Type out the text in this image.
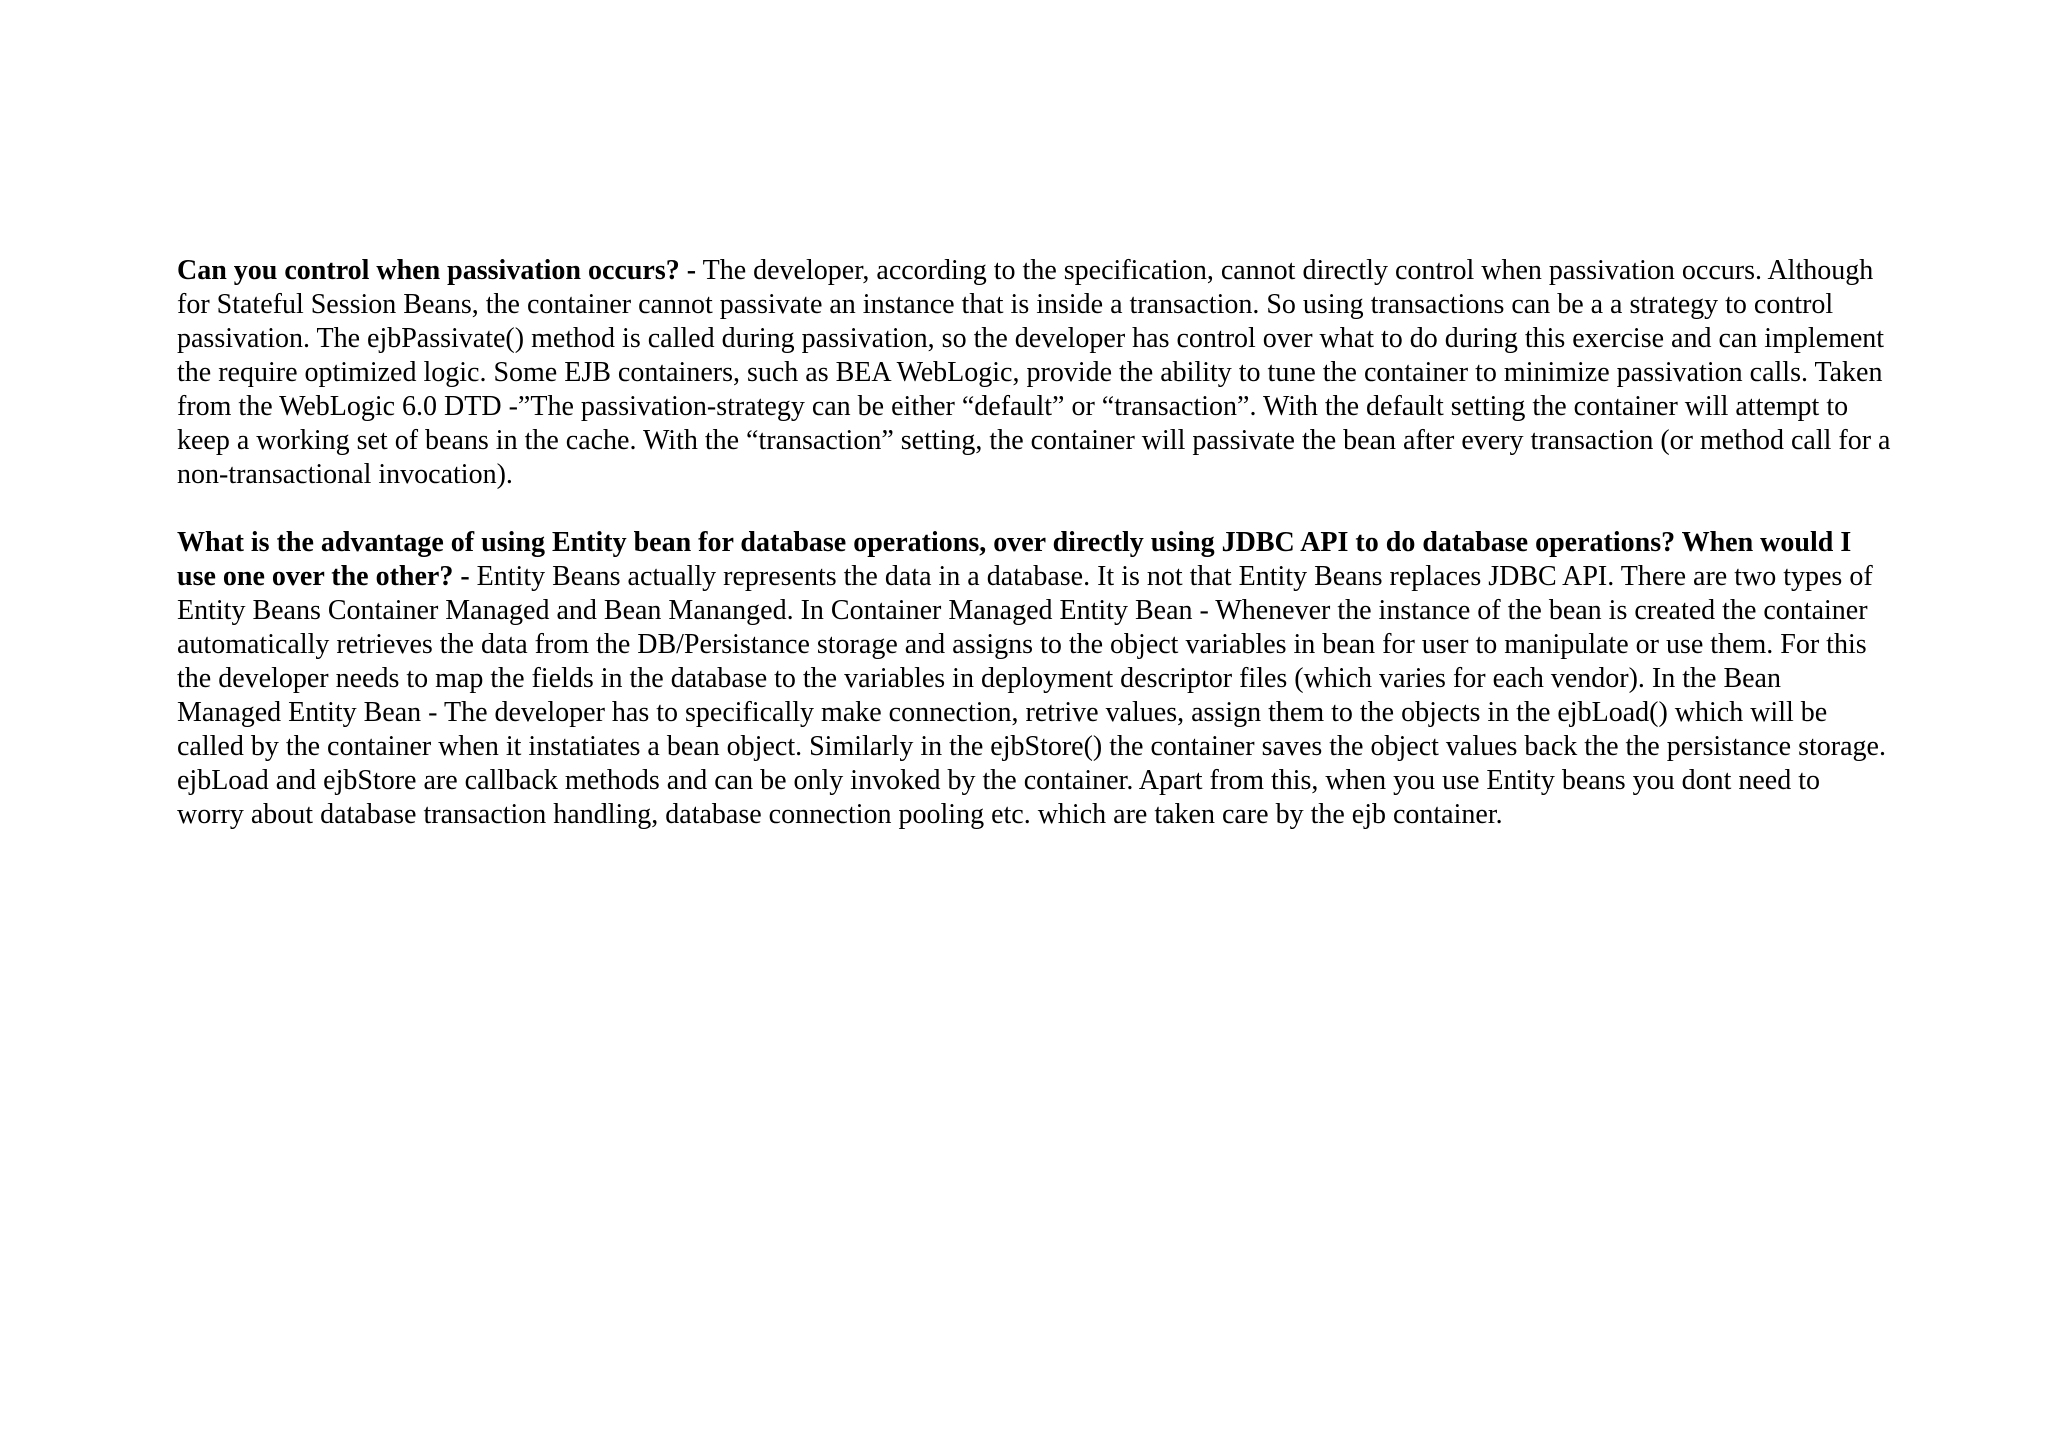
Can you control when passivation occurs? - The developer, according to the specification, cannot directly control when passivation occurs. Although for Stateful Session Beans, the container cannot passivate an instance that is inside a transaction. So using transactions can be a a strategy to control passivation. The ejbPassivate() method is called during passivation, so the developer has control over what to do during this exercise and can implement the require optimized logic. Some EJB containers, such as BEA WebLogic, provide the ability to tune the container to minimize passivation calls. Taken from the WebLogic 6.0 DTD -”The passivation-strategy can be either “default” or “transaction”. With the default setting the container will attempt to keep a working set of beans in the cache. With the “transaction” setting, the container will passivate the bean after every transaction (or method call for a non-transactional invocation).

What is the advantage of using Entity bean for database operations, over directly using JDBC API to do database operations? When would I use one over the other? - Entity Beans actually represents the data in a database. It is not that Entity Beans replaces JDBC API. There are two types of Entity Beans Container Managed and Bean Mananged. In Container Managed Entity Bean - Whenever the instance of the bean is created the container automatically retrieves the data from the DB/Persistance storage and assigns to the object variables in bean for user to manipulate or use them. For this the developer needs to map the fields in the database to the variables in deployment descriptor files (which varies for each vendor). In the Bean Managed Entity Bean - The developer has to specifically make connection, retrive values, assign them to the objects in the ejbLoad() which will be called by the container when it instatiates a bean object. Similarly in the ejbStore() the container saves the object values back the the persistance storage. ejbLoad and ejbStore are callback methods and can be only invoked by the container. Apart from this, when you use Entity beans you dont need to worry about database transaction handling, database connection pooling etc. which are taken care by the ejb container.
